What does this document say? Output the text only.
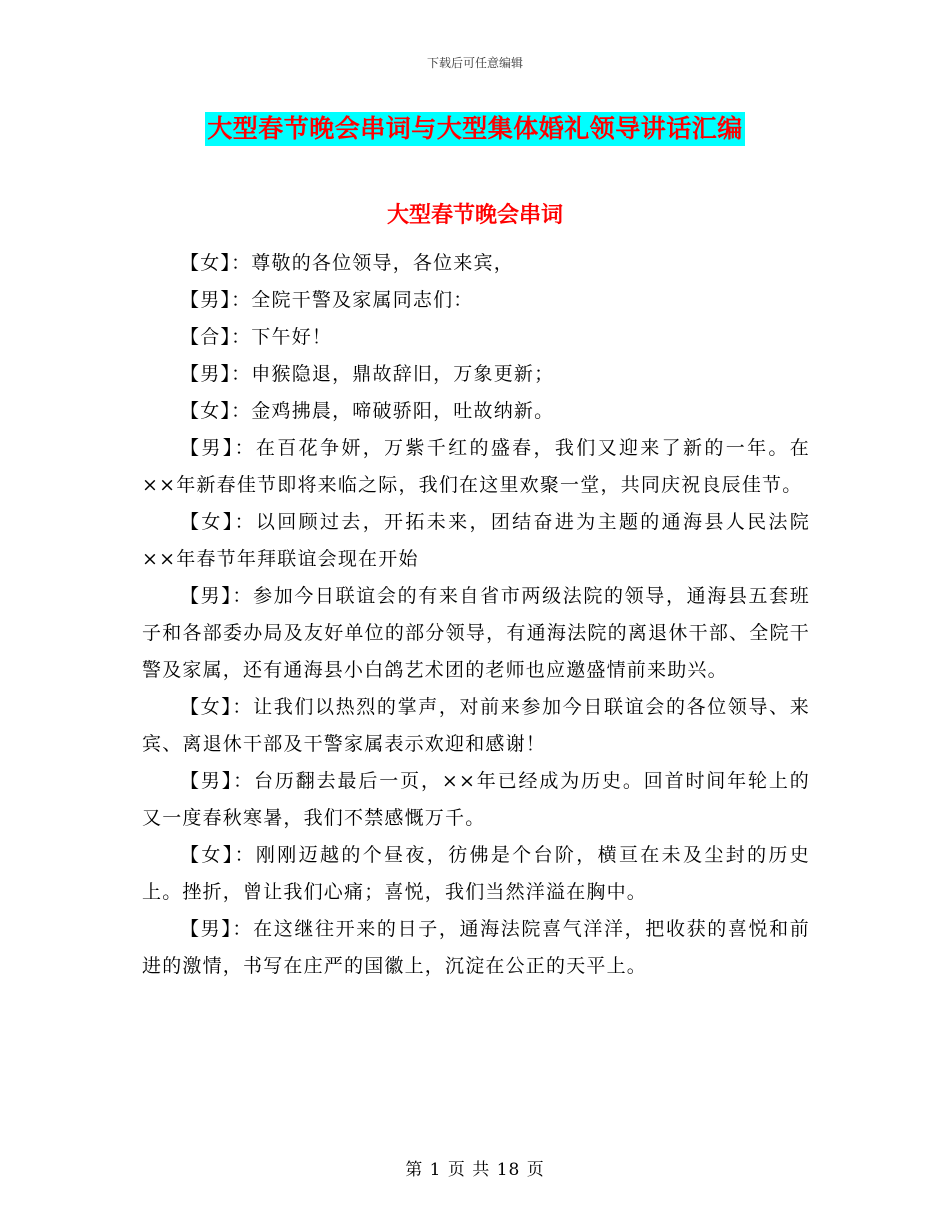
下载后可任意编辑
大型春节晚会串词与大型集体婚礼领导讲话汇编
大型春节晚会串词

【女】：尊敬的各位领导，各位来宾，

【男】：全院干警及家属同志们：

【合】：下午好！

【男】：申猴隐退，鼎故辞旧，万象更新；

【女】：金鸡拂晨，啼破骄阳，吐故纳新。

【男】：在百花争妍，万紫千红的盛春，我们又迎来了新的一年。在××年新春佳节即将来临之际，我们在这里欢聚一堂，共同庆祝良辰佳节。

【女】：以回顾过去，开拓未来，团结奋进为主题的通海县人民法院××年春节年拜联谊会现在开始

【男】：参加今日联谊会的有来自省市两级法院的领导，通海县五套班子和各部委办局及友好单位的部分领导，有通海法院的离退休干部、全院干警及家属，还有通海县小白鸽艺术团的老师也应邀盛情前来助兴。

【女】：让我们以热烈的掌声，对前来参加今日联谊会的各位领导、来宾、离退休干部及干警家属表示欢迎和感谢！

【男】：台历翻去最后一页，××年已经成为历史。回首时间年轮上的又一度春秋寒暑，我们不禁感慨万千。

【女】：刚刚迈越的个昼夜，彷佛是个台阶，横亘在未及尘封的历史上。挫折，曾让我们心痛；喜悦，我们当然洋溢在胸中。

【男】：在这继往开来的日子，通海法院喜气洋洋，把收获的喜悦和前进的激情，书写在庄严的国徽上，沉淀在公正的天平上。

第 1 页 共 18 页
